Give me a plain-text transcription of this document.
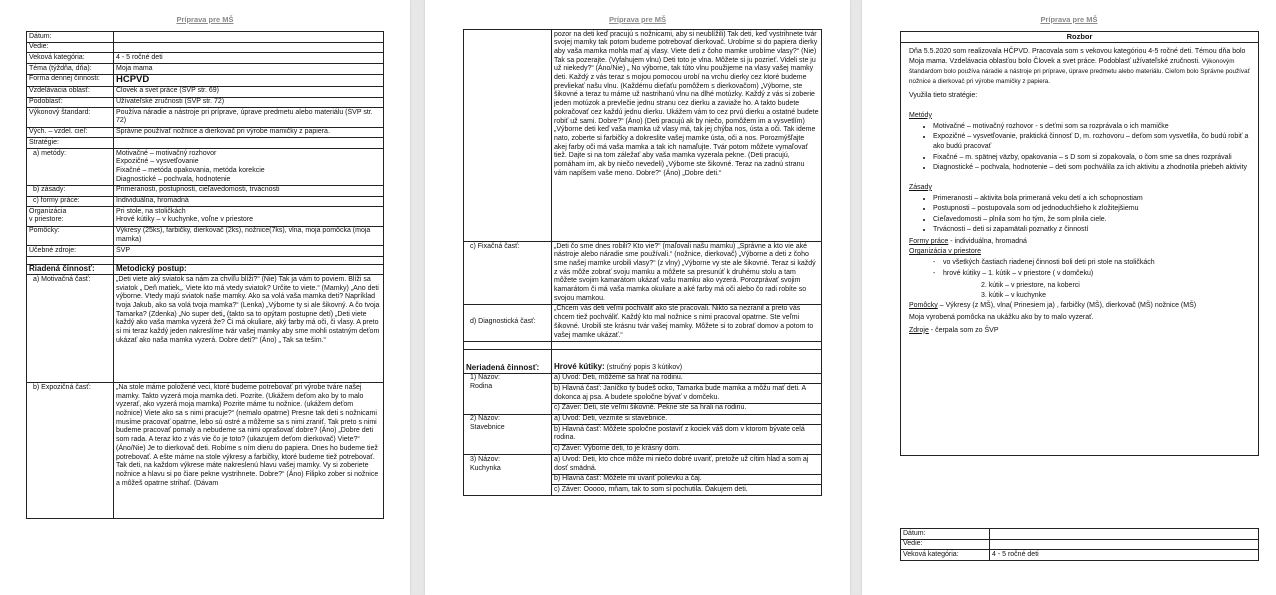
Príprava pre MŠ
Dátum:	
Vedie:	
Veková kategória:	4 - 5 ročné deti
Téma (týždňa, dňa):	Moja mama
Forma dennej činnosti:	HČPVD
Vzdelávacia oblasť:	Človek a svet práce (ŠVP str. 69)
Podoblasť:	Užívateľské zručnosti (ŠVP str. 72)
Výkonový štandard:	Používa náradie a nástroje pri príprave, úprave predmetu alebo materiálu (ŠVP str. 72)
Vých. – vzdel. cieľ:	Správne používať nožnice a dierkovač pri výrobe mamičky z papiera.
Stratégie:	
a) metódy:	Motivačné – motivačný rozhovor
Expozičné – vysvetľovanie
Fixačné – metóda opakovania, metóda korekcie
Diagnostické – pochvala, hodnotenie
b) zásady:	Primeranosti, postupnosti, cieľavedomosti, trvácnosti
c) formy práce:	Individuálna, hromadná
Organizácia
v priestore:	Pri stole, na stoličkách
Hrové kútiky – v kuchynke, voľne v priestore
Pomôcky:	Výkresy (25ks), farbičky, dierkovač (2ks), nožnice(7ks), vlna, moja pomôcka (moja mamka)
Učebné zdroje:	ŠVP

Riadená činnosť:	Metodický postup:
a) Motivačná časť:	„Deti viete aký sviatok sa nám za chvíľu blíži?“ (Nie) Tak ja vám to poviem. Blíži sa sviatok „ Deň matiek„. Viete kto má vtedy sviatok? Určite to viete.“ (Mamky) „Ano deti výborne. Vtedy majú sviatok naše mamky. Ako sa volá vaša mamka deti? Napríklad tvoja Jakub, ako sa volá tvoja mamka?“ (Lenka) „Výborne ty si ale šikovný. A čo tvoja Tamarka? (Zdenka) „No super deti„ (takto sa to opýtam postupne detí) „Deti viete každý ako vaša mamka vyzerá že? Či má okuliare, aký farby má oči, či vlasy. A preto si mi teraz každý jeden nakreslíme tvár vašej mamky aby sme mohli ostatným deťom ukázať ako naša mamka vyzerá. Dobre deti?“ (Áno) „ Tak sa tešim.“
b) Expozičná časť:	„Na stole máme položené veci, ktoré budeme potrebovať pri výrobe tváre našej mamky. Takto vyzerá moja mamka deti. Pozrite. (Ukážem deťom ako by to malo vyzerať, ako vyzerá moja mamka) Pozrite máme tu nožnice. (ukážem deťom nožnice) Viete ako sa s nimi pracuje?“ (nemalo opatrne) Presne tak deti s nožnicami musíme pracovať opatrne, lebo sú ostré a môžeme sa s nimi zraniť. Tak preto s nimi budeme pracovať pomaly a nebudeme sa nimi oprašovať dobre? (Áno) „Dobre deti som rada. A teraz kto z vás vie čo je toto? (ukazujem deťom dierkovač) Viete?“ (Áno/Nie) Je to dierkovač deti. Robíme s ním dieru do papiera. Dnes ho budeme tiež potrebovať. A ešte máme na stole výkresy a farbičky, ktoré budeme tiež potrebovať. Tak deti, na každom výkrese máte nakreslenú hlavu vašej mamky. Vy si zoberiete nožnice a hlavu si po čiare pekne vystrihnete. Dobre?“ (Áno) Filipko zober si nožnice a môžeš opatrne strihať. (Dávam
Príprava pre MŠ
	pozor na deti keď pracujú s nožnicami, aby si neublížili) Tak deti, keď vystrihnete tvár svojej mamky tak potom budeme potrebovať dierkovač. Urobíme si do papiera dierky aby vaša mamka mohla mať aj vlasy. Viete deti z čoho mamke urobíme vlasy?“ (Nie) Tak sa pozerajte. (Vyfahujem vlnu) Deti toto je vlna. Môžete si ju pozrieť. Videli ste ju už niekedy?“ (Áno/Nie) „ No výborne, tak túto vlnu použijeme na vlasy vašej mamky deti. Každý z vás teraz s mojou pomocou urobí na vrchu dierky cez ktoré budeme prevliekať našu vlnu. (Každému dieťaťu pomôžem s dierkovačom) „Výborne, ste šikovné a teraz tu máme už nastrihanú vlnu na dlhé motúzky. Každý z vás si zoberie jeden motúzok a prevlečie jednu stranu cez dierku a zaviaže ho. A takto budete pokračovať cez každú jednu dierku. Ukážem vám to cez prvú dierku a ostatné budete robiť už sami. Dobre?“ (Áno) (Deti pracujú ak by niečo, pomôžem im a vysvetlím) „Výborne deti keď vaša mamka už vlasy má, tak jej chýba nos, ústa a oči. Tak ideme nato, zoberte si farbičky a dokreslite vašej mamke ústa, oči a nos. Porozmýšľajte akej farby oči má vaša mamka a tak ich namaľujte. Tvár potom môžete vymaľovať tiež. Dajte si na tom záležať aby vaša mamka vyzerala pekne. (Deti pracujú, pomáham im, ak by niečo nevedeli) „Výborne ste šikovné. Teraz na zadnú stranu vám napíšem vaše meno. Dobre?“ (Áno) „Dobre deti.“
c) Fixačná časť:	„Deti čo sme dnes robili? Kto vie?“ (maľovali našu mamku) „Správne a kto vie aké nástroje alebo náradie sme používali.“ (nožnice, dierkovač) „Výborne a deti z čoho sme našej mamke urobili vlasy?“ (z vlny) „Výborne vy ste ale šikovné. Teraz si každý z vás môže zobrať svoju mamku a môžete sa presunúť k druhému stolu a tam môžete svojim kamarátom ukázať vašu mamku ako vyzerá. Porozprávať svojim kamarátom či má vaša mamka okuliare a aké farby má oči alebo čo radi robíte so svojou mamkou.
d) Diagnostická časť:	„Chcem vás deti veľmi pochváliť ako ste pracovali. Nikto sa nezranil a preto vás chcem tiež pochváliť. Každý kto mal nožnice s nimi pracoval opatrne. Ste veľmi šikovné. Urobili ste krásnu tvár vašej mamky. Môžete si to zobrať domov a potom to vašej mamke ukázať.“

Neriadená činnosť:	Hrové kútiky: (stručný popis 3 kútikov)
1) Názov:
Rodina	a) Úvod: Deti, môžeme sa hrať na rodinu.
	b) Hlavná časť: Janíčko ty budeš ocko, Tamarka bude mamka a môžu mať deti. A dokonca aj psa. A budete spoločne bývať v domčeku.
	c) Záver: Deti, ste veľmi šikovné. Pekne ste sa hrali na rodinu.
2) Názov:
Stavebnice	a) Úvod: Deti, vezmite si stavebnice.
	b) Hlavná časť: Môžete spoločne postaviť z kociek váš dom v ktorom bývate celá rodina.
	c) Záver: Výborne deti, to je krásny dom.
3) Názov:
Kuchynka	a) Úvod: Deti, kto chce môže mi niečo dobré uvariť, pretože už cítim hlad a som aj dosť smädná.
	b) Hlavná časť: Môžete mi uvariť polievku a čaj.
	c) Záver: Ooooo, mňam, tak to som si pochutila. Ďakujem deti.
Príprava pre MŠ
Rozbor

Dňa 5.5.2020 som realizovala HČPVD. Pracovala som s vekovou kategóriou 4-5 ročné deti. Témou dňa bolo Moja mama. Vzdelávacia oblasťou bolo Človek a svet práce. Podoblasť užívateľské zručnosti. Výkonovým štandardom bolo používa náradie a nástroje pri príprave, úprave predmetu alebo materiálu. Cieľom bolo Správne používať nožnice a dierkovač pri výrobe mamičky z papiera.

Využila tieto stratégie:

Metódy

• Motivačné – motivačný rozhovor - s deťmi som sa rozprávala o ich mamičke
• Expozičné – vysvetľovanie, praktická činnosť D, m. rozhovoru – deťom som vysvetlila, čo budú robiť a ako budú pracovať
• Fixačné – m. spätnej väzby, opakovania – s D som si zopakovala, o čom sme sa dnes rozprávali
• Diagnostické – pochvala, hodnotenie – deti som pochválila za ich aktivitu a zhodnotila priebeh aktivity

Zásady

• Primeranosti – aktivita bola primeraná veku detí a ich schopnostiam
• Postupnosti – postupovala som od jednoduchšieho k zložitejšiemu
• Cieľavedomosti – plnila som ho tým, že som plnila ciele.
• Trvácnosti – deti si zapamätali poznatky z činností

Formy práce - individuálna, hromadná

Organizácia v priestore

- vo všetkých častiach riadenej činnosti boli deti pri stole na stoličkách
- hrové kútiky – 1. kútik – v priestore ( v domčeku)
2. kútik – v priestore, na koberci
3. kútik – v kuchynke

Pomôcky – Výkresy (z MŠ), vlna( Prinesiem ja) , farbičky (MŠ), dierkovač (MŠ) nožnice (MŠ)

Moja vyrobená pomôcka na ukážku ako by to malo vyzerať.

Zdroje - čerpala som zo ŠVP

Dátum:	
Vedie:	
Veková kategória:	4 - 5 ročné deti
